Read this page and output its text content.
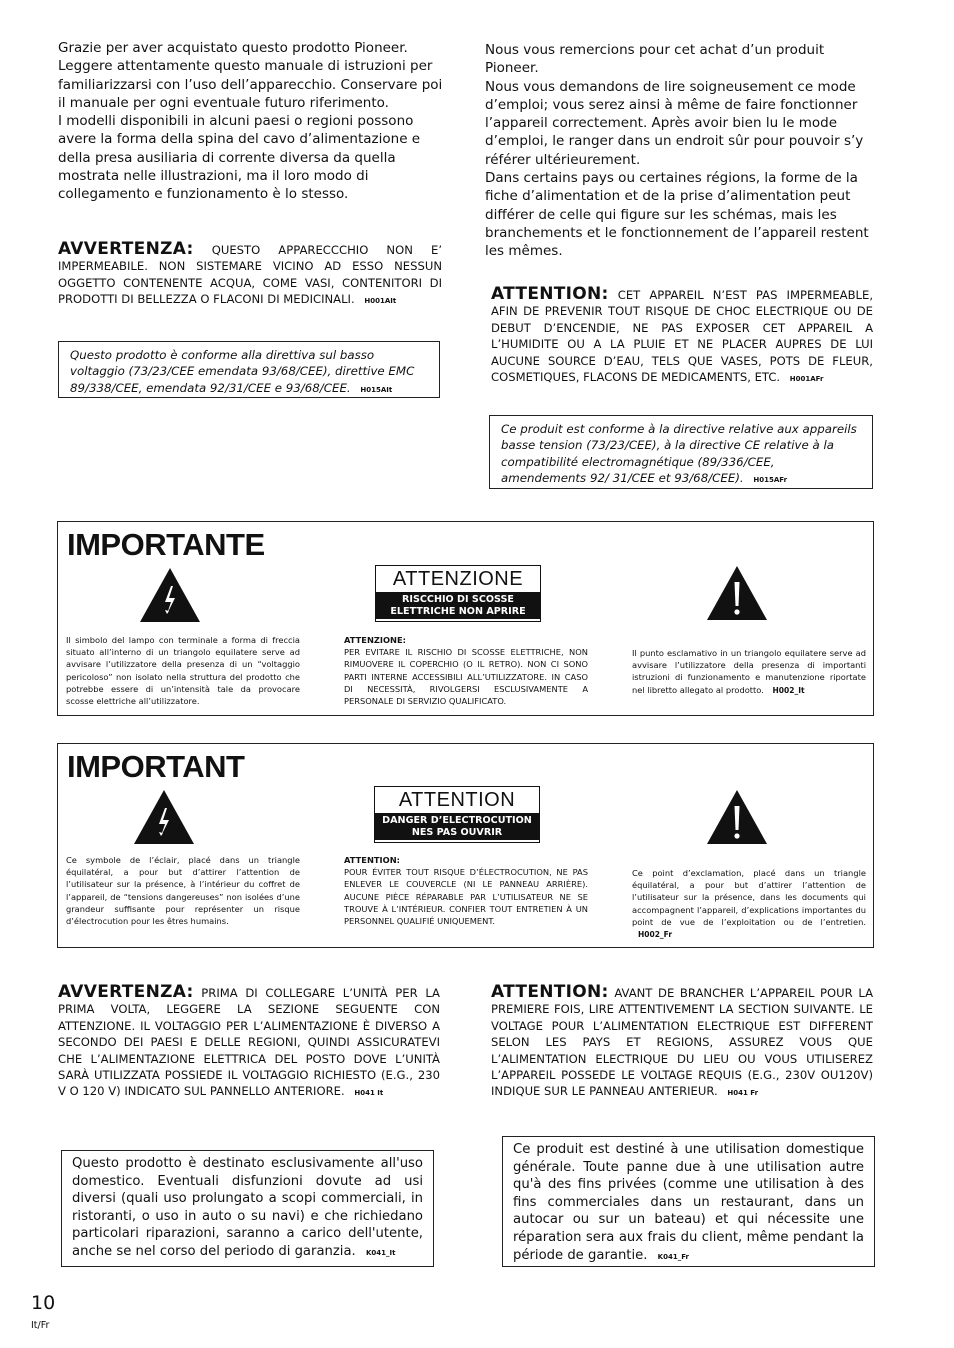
Grazie per aver acquistato questo prodotto Pioneer. Leggere attentamente questo manuale di istruzioni per familiarizzarsi con l’uso dell’apparecchio. Conservare poi il manuale per ogni eventuale futuro riferimento.

I modelli disponibili in alcuni paesi o regioni possono avere la forma della spina del cavo d’alimentazione e della presa ausiliaria di corrente diversa da quella mostrata nelle illustrazioni, ma il loro modo di collegamento e funzionamento è lo stesso.

Nous vous remercions pour cet achat d’un produit Pioneer.

Nous vous demandons de lire soigneusement ce mode d’emploi; vous serez ainsi à même de faire fonctionner l’appareil correctement. Après avoir bien lu le mode d’emploi, le ranger dans un endroit sûr pour pouvoir s’y référer ultérieurement.

Dans certains pays ou certaines régions, la forme de la fiche d’alimentation et de la prise d’alimentation peut différer de celle qui figure sur les schémas, mais les branchements et le fonctionnement de l’appareil restent les mêmes.

AVVERTENZA: QUESTO APPARECCCHIO NON E’ IMPERMEABILE. NON SISTEMARE VICINO AD ESSO NESSUN OGGETTO CONTENENTE ACQUA, COME VASI, CONTENITORI DI PRODOTTI DI BELLEZZA O FLACONI DI MEDICINALI. H001AIt
Questo prodotto è conforme alla direttiva sul basso voltaggio (73/23/CEE emendata 93/68/CEE), direttive EMC 89/338/CEE, emendata 92/31/CEE e 93/68/CEE. H015AIt
ATTENTION: CET APPAREIL N’EST PAS IMPERMEABLE, AFIN DE PREVENIR TOUT RISQUE DE CHOC ELECTRIQUE OU DE DEBUT D’ENCENDIE, NE PAS EXPOSER CET APPAREIL A L’HUMIDITE OU A LA PLUIE ET NE PLACER AUPRES DE LUI AUCUNE SOURCE D’EAU, TELS QUE VASES, POTS DE FLEUR, COSMETIQUES, FLACONS DE MEDICAMENTS, ETC. H001AFr
Ce produit est conforme à la directive relative aux appareils basse tension (73/23/CEE), à la directive CE relative à la compatibilité electromagnétique (89/336/CEE, amendements 92/ 31/CEE et 93/68/CEE). H015AFr
IMPORTANTE
ATTENZIONE
RISCCHIO DI SCOSSE
ELETTRICHE NON APRIRE
Il simbolo del lampo con terminale a forma di freccia situato all’interno di un triangolo equilatere serve ad avvisare l’utilizzatore della presenza di un “voltaggio pericoloso” non isolato nella struttura del prodotto che potrebbe essere di un’intensità tale da provocare scosse elettriche all’utilizzatore.
ATTENZIONE:
PER EVITARE IL RISCHIO DI SCOSSE ELETTRICHE, NON RIMUOVERE IL COPERCHIO (O IL RETRO). NON CI SONO PARTI INTERNE ACCESSIBILI ALL’UTILIZZATORE. IN CASO DI NECESSITÀ, RIVOLGERSI ESCLUSIVAMENTE A PERSONALE DI SERVIZIO QUALIFICATO.
Il punto esclamativo in un triangolo equilatere serve ad avvisare l’utilizzatore della presenza di importanti istruzioni di funzionamento e manutenzione riportate nel libretto allegato al prodotto. H002_It
IMPORTANT
ATTENTION
DANGER D’ELECTROCUTION
NES PAS OUVRIR
Ce symbole de l’éclair, placé dans un triangle équilatéral, a pour but d’attirer l’attention de l’utilisateur sur la présence, à l’intérieur du coffret de l’appareil, de “tensions dangereuses” non isolées d’une grandeur suffisante pour représenter un risque d’électrocution pour les êtres humains.
ATTENTION:
POUR ÉVITER TOUT RISQUE D’ÉLECTROCUTION, NE PAS ENLEVER LE COUVERCLE (NI LE PANNEAU ARRIÈRE). AUCUNE PIÈCE RÉPARABLE PAR L’UTILISATEUR NE SE TROUVE À L’INTÉRIEUR. CONFIER TOUT ENTRETIEN À UN PERSONNEL QUALIFIÉ UNIQUEMENT.
Ce point d’exclamation, placé dans un triangle équilatéral, a pour but d’attirer l’attention de l’utilisateur sur la présence, dans les documents qui accompagnent l’appareil, d’explications importantes du point de vue de l’exploitation ou de l’entretien. H002_Fr
AVVERTENZA: PRIMA DI COLLEGARE L’UNITÀ PER LA PRIMA VOLTA, LEGGERE LA SEZIONE SEGUENTE CON ATTENZIONE. IL VOLTAGGIO PER L’ALIMENTAZIONE È DIVERSO A SECONDO DEI PAESI E DELLE REGIONI, QUINDI ASSICURATEVI CHE L’ALIMENTAZIONE ELETTRICA DEL POSTO DOVE L’UNITÀ SARÀ UTILIZZATA POSSIEDE IL VOLTAGGIO RICHIESTO (E.G., 230 V O 120 V) INDICATO SUL PANNELLO ANTERIORE. H041 It
ATTENTION: AVANT DE BRANCHER L’APPAREIL POUR LA PREMIERE FOIS, LIRE ATTENTIVEMENT LA SECTION SUIVANTE. LE VOLTAGE POUR L’ALIMENTATION ELECTRIQUE EST DIFFERENT SELON LES PAYS ET REGIONS, ASSUREZ VOUS QUE L’ALIMENTATION ELECTRIQUE DU LIEU OU VOUS UTILISEREZ L’APPAREIL POSSEDE LE VOLTAGE REQUIS (E.G., 230V OU120V) INDIQUE SUR LE PANNEAU ANTERIEUR. H041 Fr
Questo prodotto è destinato esclusivamente all'uso domestico. Eventuali disfunzioni dovute ad usi diversi (quali uso prolungato a scopi commerciali, in ristoranti, o uso in auto o su navi) e che richiedano particolari riparazioni, saranno a carico dell'utente, anche se nel corso del periodo di garanzia. K041_It
Ce produit est destiné à une utilisation domestique générale. Toute panne due à une utilisation autre qu'à des fins privées (comme une utilisation à des fins commerciales dans un restaurant, dans un autocar ou sur un bateau) et qui nécessite une réparation sera aux frais du client, même pendant la période de garantie. K041_Fr
10
It/Fr
